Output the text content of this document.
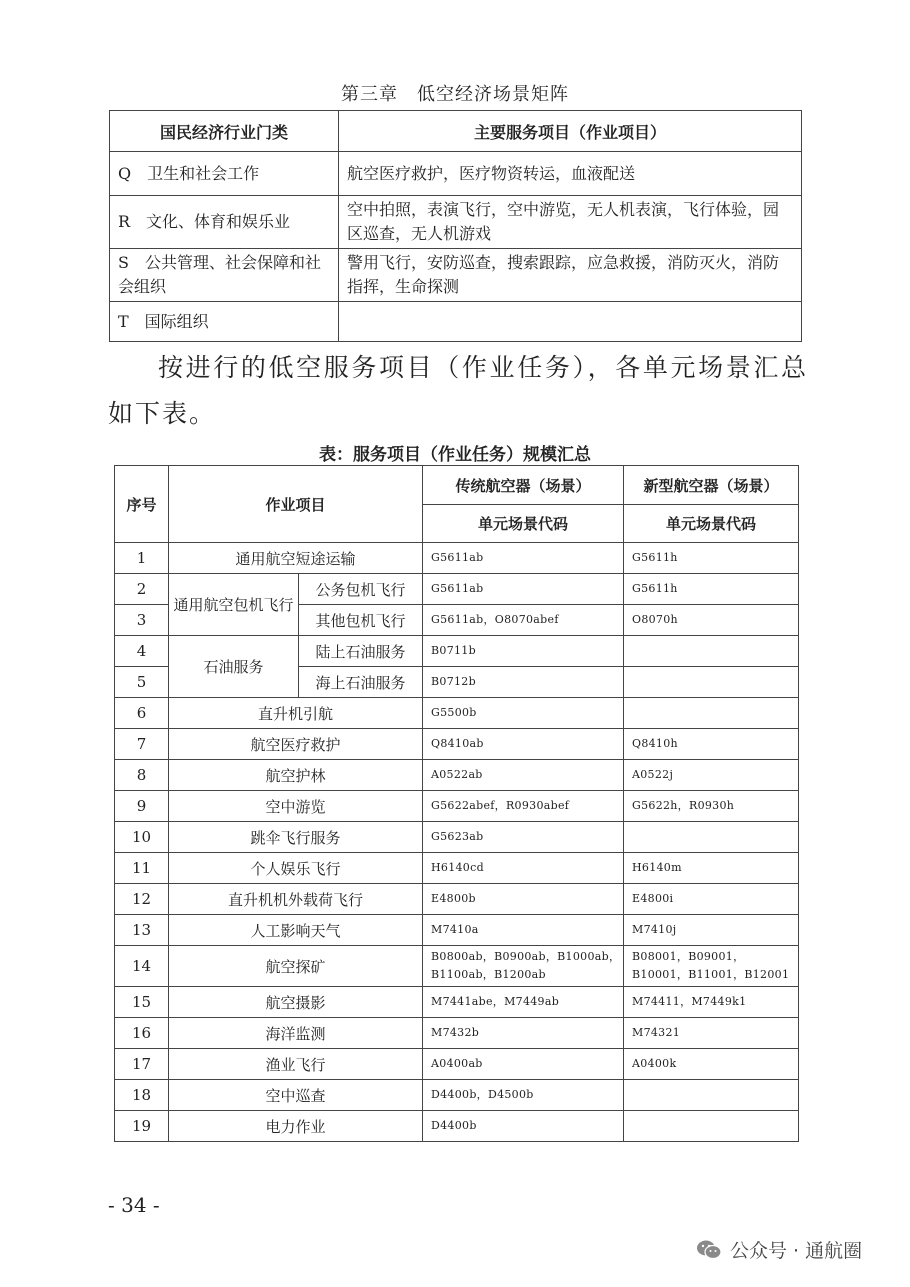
第三章　低空经济场景矩阵
国民经济行业门类	主要服务项目（作业项目）
Q　卫生和社会工作	航空医疗救护，医疗物资转运，血液配送
R　文化、体育和娱乐业	空中拍照，表演飞行，空中游览，无人机表演，飞行体验，园区巡查，无人机游戏
S　公共管理、社会保障和社会组织	警用飞行，安防巡查，搜索跟踪，应急救援，消防灭火，消防指挥，生命探测
T　国际组织	
按进行的低空服务项目（作业任务），各单元场景汇总如下表。
表：服务项目（作业任务）规模汇总
序号	作业项目		传统航空器（场景）	新型航空器（场景）
			单元场景代码	单元场景代码
1	通用航空短途运输		G5611ab	G5611h
2	通用航空包机飞行	公务包机飞行	G5611ab	G5611h
3		其他包机飞行	G5611ab，O8070abef	O8070h
4	石油服务	陆上石油服务	B0711b	
5		海上石油服务	B0712b	
6	直升机引航		G5500b	
7	航空医疗救护		Q8410ab	Q8410h
8	航空护林		A0522ab	A0522j
9	空中游览		G5622abef，R0930abef	G5622h，R0930h
10	跳伞飞行服务		G5623ab	
11	个人娱乐飞行		H6140cd	H6140m
12	直升机机外载荷飞行		E4800b	E4800i
13	人工影响天气		M7410a	M7410j
14	航空探矿		B0800ab，B0900ab，B1000ab，B1100ab，B1200ab	B08001，B09001，B10001，B11001，B12001
15	航空摄影		M7441abe，M7449ab	M74411，M7449k1
16	海洋监测		M7432b	M74321
17	渔业飞行		A0400ab	A0400k
18	空中巡查		D4400b，D4500b	
19	电力作业		D4400b	
- 34 -
公众号 · 通航圈
